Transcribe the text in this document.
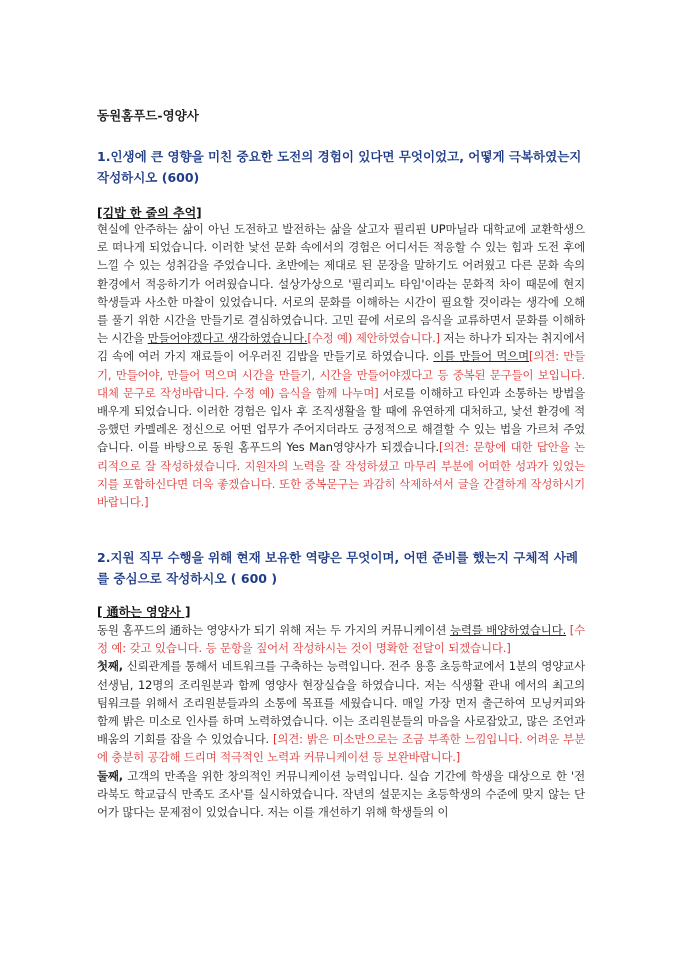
동원홈푸드-영양사
1.인생에 큰 영향을 미친 중요한 도전의 경험이 있다면 무엇이었고, 어떻게 극복하였는지 작성하시오 (600)
[김밥 한 줄의 추억]
현실에 안주하는 삶이 아닌 도전하고 발전하는 삶을 살고자 필리핀 UP마닐라 대학교에 교환학생으로 떠나게 되었습니다. 이러한 낯선 문화 속에서의 경험은 어디서든 적응할 수 있는 힘과 도전 후에 느낄 수 있는 성취감을 주었습니다. 초반에는 제대로 된 문장을 말하기도 어려웠고 다른 문화 속의 환경에서 적응하기가 어려웠습니다. 설상가상으로 '필리피노 타임'이라는 문화적 차이 때문에 현지 학생들과 사소한 마찰이 있었습니다. 서로의 문화를 이해하는 시간이 필요할 것이라는 생각에 오해를 풀기 위한 시간을 만들기로 결심하였습니다. 고민 끝에 서로의 음식을 교류하면서 문화를 이해하는 시간을 만들어야겠다고 생각하였습니다.[수정 예) 제안하였습니다.] 저는 하나가 되자는 취지에서 김 속에 여러 가지 재료들이 어우러진 김밥을 만들기로 하였습니다. 이를 만들어 먹으며[의견: 만들기, 만들어야, 만들어 먹으며 시간을 만들기, 시간을 만들어야겠다고 등 중복된 문구들이 보입니다. 대체 문구로 작성바랍니다. 수정 예) 음식을 함께 나누며] 서로를 이해하고 타인과 소통하는 방법을 배우게 되었습니다. 이러한 경험은 입사 후 조직생활을 할 때에 유연하게 대처하고, 낯선 환경에 적응했던 카멜레온 정신으로 어떤 업무가 주어지더라도 긍정적으로 해결할 수 있는 법을 가르쳐 주었습니다. 이를 바탕으로 동원 홈푸드의 Yes Man영양사가 되겠습니다.[의견: 문항에 대한 답안을 논리적으로 잘 작성하셨습니다. 지원자의 노력을 잘 작성하셨고 마무리 부분에 어떠한 성과가 있었는지를 포함하신다면 더욱 좋겠습니다. 또한 중복문구는 과감히 삭제하셔서 글을 간결하게 작성하시기 바랍니다.]
2.지원 직무 수행을 위해 현재 보유한 역량은 무엇이며, 어떤 준비를 했는지 구체적 사례를 중심으로 작성하시오 ( 600 )
[ 通하는 영양사 ]
동원 홈푸드의 通하는 영양사가 되기 위해 저는 두 가지의 커뮤니케이션 능력를 배양하였습니다. [수정 예: 갖고 있습니다. 등 문항을 짚어서 작성하시는 것이 명확한 전달이 되겠습니다.]
첫째, 신뢰관계를 통해서 네트워크를 구축하는 능력입니다. 전주 용흥 초등학교에서 1분의 영양교사 선생님, 12명의 조리원분과 함께 영양사 현장실습을 하였습니다. 저는 식생활 관내 에서의 최고의 팀워크를 위해서 조리원분들과의 소통에 목표를 세웠습니다. 매일 가장 먼저 출근하여 모닝커피와 함께 밝은 미소로 인사를 하며 노력하였습니다. 이는 조리원분들의 마음을 사로잡았고, 많은 조언과 배움의 기회를 잡을 수 있었습니다. [의견: 밝은 미소만으로는 조금 부족한 느낌입니다. 어려운 부분에 충분히 공감해 드리며 적극적인 노력과 커뮤니케이션 등 보완바랍니다.]
둘째, 고객의 만족을 위한 창의적인 커뮤니케이션 능력입니다. 실습 기간에 학생을 대상으로 한 '전라북도 학교급식 만족도 조사'를 실시하였습니다. 작년의 설문지는 초등학생의 수준에 맞지 않는 단어가 많다는 문제점이 있었습니다. 저는 이를 개선하기 위해 학생들의 이
